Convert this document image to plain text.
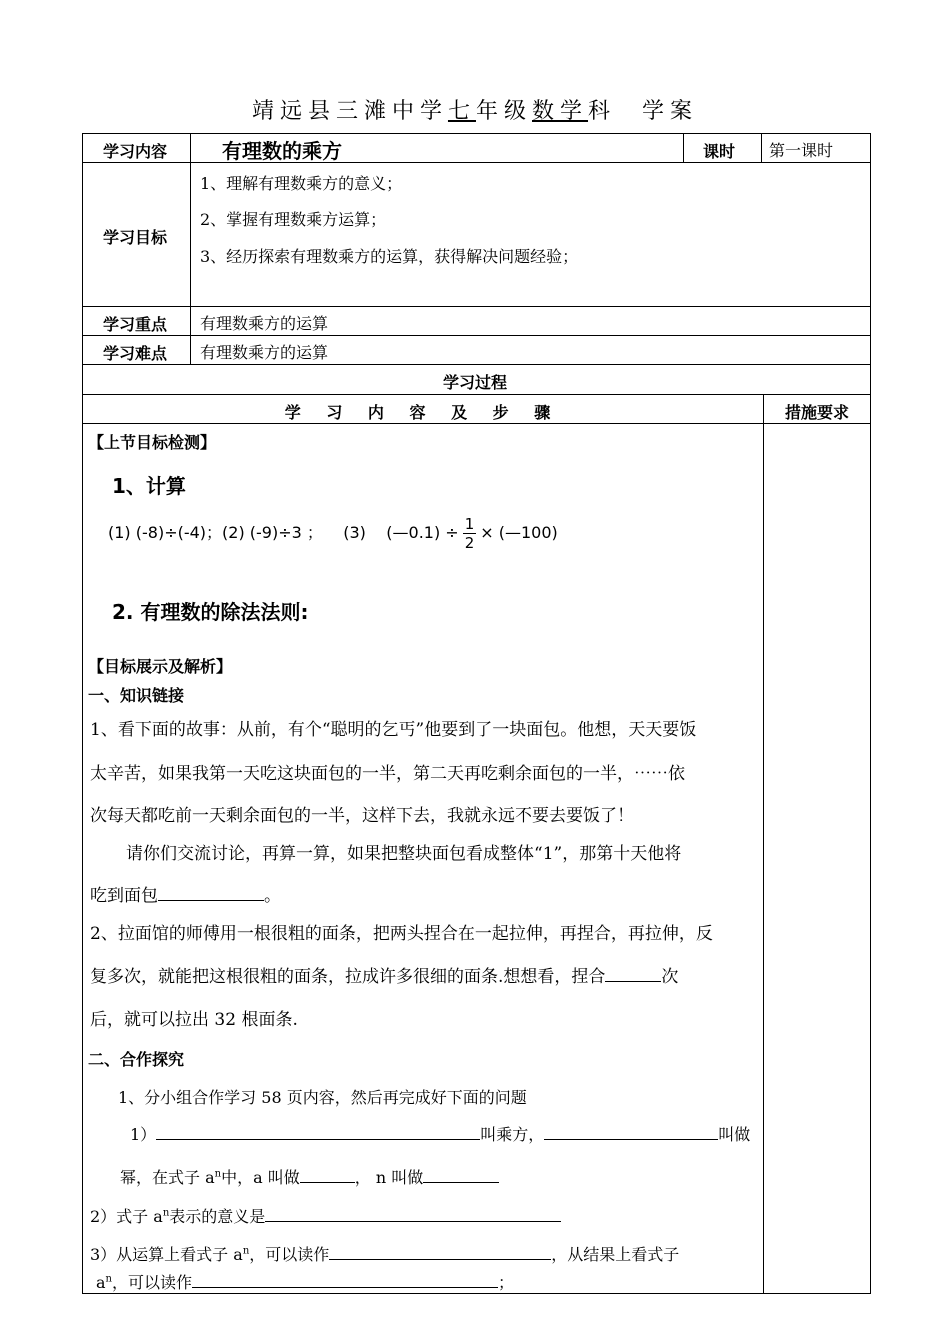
靖远县三滩中学七年级数学科 学案
学习内容	有理数的乘方	课时 第一课时
学习目标
1、理解有理数乘方的意义；
2、掌握有理数乘方运算；
3、经历探索有理数乘方的运算，获得解决问题经验；
学习重点 有理数乘方的运算
学习难点 有理数乘方的运算
学习过程
学 习 内 容 及 步 骤	措施要求
【上节目标检测】
1、计算
(1) (-8)÷(-4)；(2) (-9)÷3 ； (3) (—0.1) ÷ $\frac{1}{2}$ × (—100)
2. 有理数的除法法则:
【目标展示及解析】
一、知识链接
1、看下面的故事：从前，有个“聪明的乞丐”他要到了一块面包。他想，天天要饭
太辛苦，如果我第一天吃这块面包的一半，第二天再吃剩余面包的一半，⋯⋯依
次每天都吃前一天剩余面包的一半，这样下去，我就永远不要去要饭了！
请你们交流讨论，再算一算，如果把整块面包看成整体“1”，那第十天他将
吃到面包	。
2、拉面馆的师傅用一根很粗的面条，把两头捏合在一起拉伸，再捏合，再拉伸，反
复多次，就能把这根很粗的面条，拉成许多很细的面条.想想看，捏合	次
后，就可以拉出 32 根面条.
二、合作探究
1、分小组合作学习 58 页内容，然后再完成好下面的问题
1）	叫乘方，	叫做
幂，在式子 $a^n$中，a 叫做	， n 叫做
2）式子 $a^n$表示的意义是
3）从运算上看式子 $a^n$，可以读作	，从结果上看式子
$a^n$，可以读作	；
